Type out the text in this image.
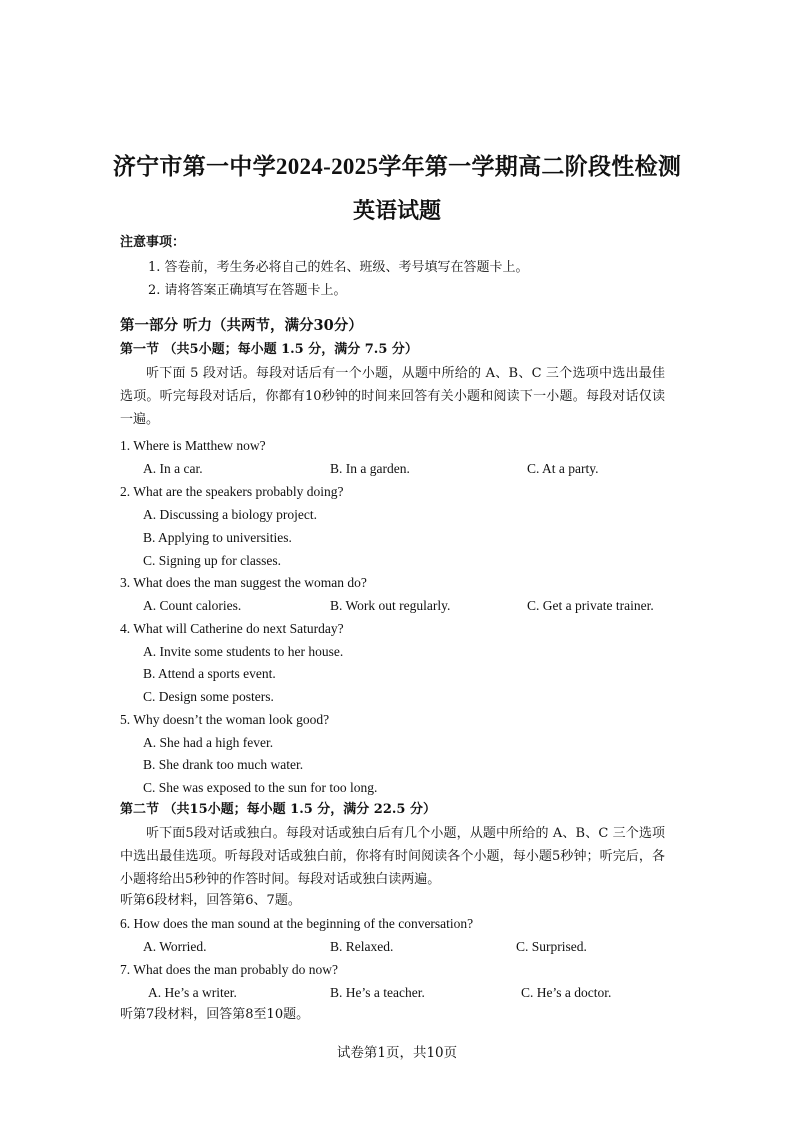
济宁市第一中学2024-2025学年第一学期高二阶段性检测
英语试题
注意事项：
1. 答卷前，考生务必将自己的姓名、班级、考号填写在答题卡上。
2. 请将答案正确填写在答题卡上。
第一部分 听力（共两节，满分30分）
第一节 （共5小题；每小题 1.5 分，满分 7.5 分）
听下面 5 段对话。每段对话后有一个小题，从题中所给的 A、B、C 三个选项中选出最佳选项。听完每段对话后，你都有10秒钟的时间来回答有关小题和阅读下一小题。每段对话仅读一遍。
1. Where is Matthew now?
A. In a car.	B. In a garden.	C. At a party.
2. What are the speakers probably doing?
A. Discussing a biology project.
B. Applying to universities.
C. Signing up for classes.
3. What does the man suggest the woman do?
A. Count calories.	B. Work out regularly.	C. Get a private trainer.
4. What will Catherine do next Saturday?
A. Invite some students to her house.
B. Attend a sports event.
C. Design some posters.
5. Why doesn’t the woman look good?
A. She had a high fever.
B. She drank too much water.
C. She was exposed to the sun for too long.
第二节 （共15小题；每小题 1.5 分，满分 22.5 分）
听下面5段对话或独白。每段对话或独白后有几个小题，从题中所给的 A、B、C 三个选项中选出最佳选项。听每段对话或独白前，你将有时间阅读各个小题，每小题5秒钟；听完后，各小题将给出5秒钟的作答时间。每段对话或独白读两遍。
听第6段材料，回答第6、7题。
6. How does the man sound at the beginning of the conversation?
A. Worried.	B. Relaxed.	C. Surprised.
7. What does the man probably do now?
A. He’s a writer.	B. He’s a teacher.	C. He’s a doctor.
听第7段材料，回答第8至10题。
试卷第1页，共10页
